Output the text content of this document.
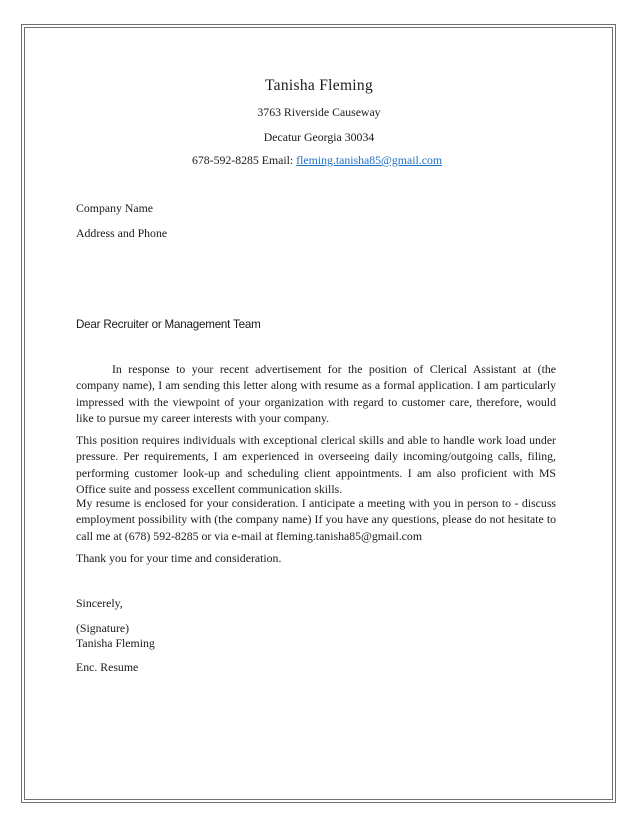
Tanisha Fleming
3763 Riverside Causeway
Decatur Georgia 30034
678-592-8285 Email: fleming.tanisha85@gmail.com
Company Name
Address and Phone
Dear Recruiter or Management Team
In response to your recent advertisement for the position of Clerical Assistant at (the company name), I am sending this letter along with resume as a formal application. I am particularly impressed with the viewpoint of your organization with regard to customer care, therefore, would like to pursue my career interests with your company.
This position requires individuals with exceptional clerical skills and able to handle work load under pressure. Per requirements, I am experienced in overseeing daily incoming/outgoing calls, filing, performing customer look-up and scheduling client appointments. I am also proficient with MS Office suite and possess excellent communication skills.
My resume is enclosed for your consideration. I anticipate a meeting with you in person to - discuss employment possibility with (the company name) If you have any questions, please do not hesitate to call me at (678) 592-8285 or via e-mail at fleming.tanisha85@gmail.com
Thank you for your time and consideration.
Sincerely,
(Signature)
Tanisha Fleming
Enc. Resume
